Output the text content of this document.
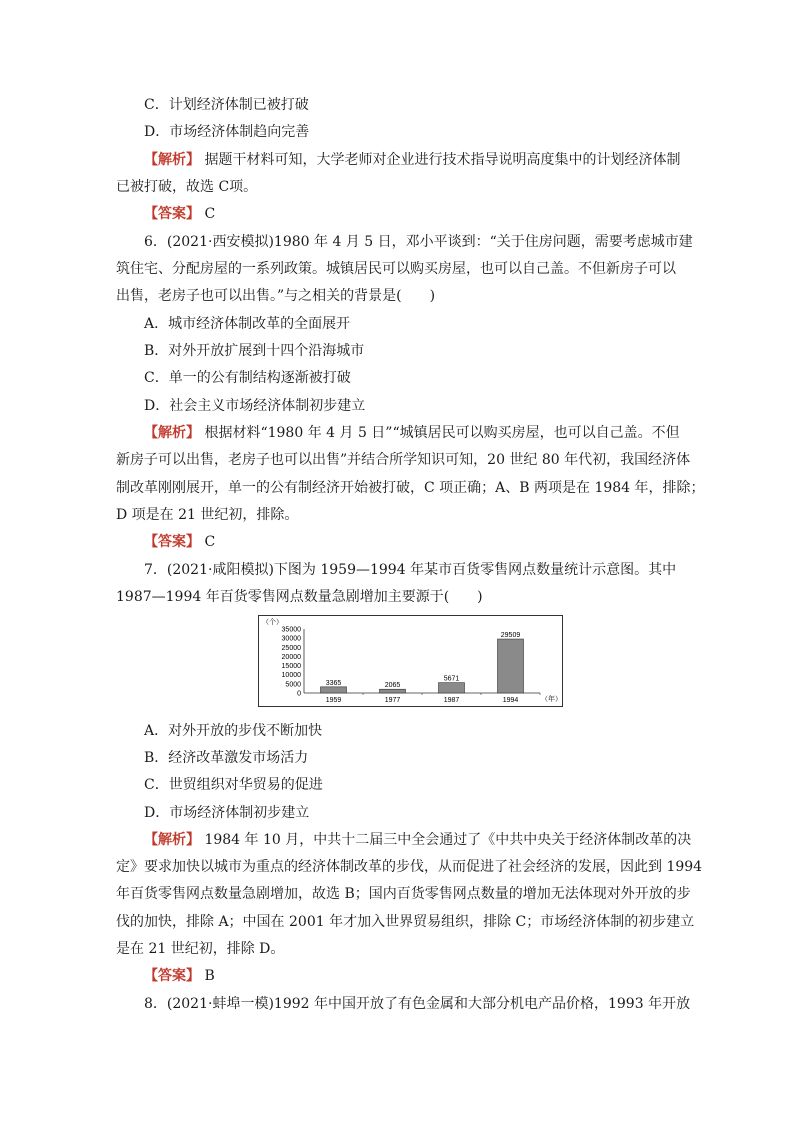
C．计划经济体制已被打破
D．市场经济体制趋向完善
【解析】 据题干材料可知，大学老师对企业进行技术指导说明高度集中的计划经济体制
已被打破，故选 C项。
【答案】 C
6．(2021·西安模拟)1980 年 4 月 5 日，邓小平谈到：“关于住房问题，需要考虑城市建
筑住宅、分配房屋的一系列政策。城镇居民可以购买房屋，也可以自己盖。不但新房子可以
出售，老房子也可以出售。”与之相关的背景是(　　)
A．城市经济体制改革的全面展开
B．对外开放扩展到十四个沿海城市
C．单一的公有制结构逐渐被打破
D．社会主义市场经济体制初步建立
【解析】 根据材料“1980 年 4 月 5 日”“城镇居民可以购买房屋，也可以自己盖。不但
新房子可以出售，老房子也可以出售”并结合所学知识可知，20 世纪 80 年代初，我国经济体
制改革刚刚展开，单一的公有制经济开始被打破，C 项正确；A、B 两项是在 1984 年，排除；
D 项是在 21 世纪初，排除。
【答案】 C
7．(2021·咸阳模拟)下图为 1959—1994 年某市百货零售网点数量统计示意图。其中
1987—1994 年百货零售网点数量急剧增加主要源于(　　)
（个）
35000
30000
25000
20000
15000
10000
5000
0
3365
1959
2065
1977
5671
1987
29509
1994	（年）
A．对外开放的步伐不断加快
B．经济改革激发市场活力
C．世贸组织对华贸易的促进
D．市场经济体制初步建立
【解析】 1984 年 10 月，中共十二届三中全会通过了《中共中央关于经济体制改革的决
定》要求加快以城市为重点的经济体制改革的步伐，从而促进了社会经济的发展，因此到 1994
年百货零售网点数量急剧增加，故选 B；国内百货零售网点数量的增加无法体现对外开放的步
伐的加快，排除 A；中国在 2001 年才加入世界贸易组织，排除 C；市场经济体制的初步建立
是在 21 世纪初，排除 D。
【答案】 B
8．(2021·蚌埠一模)1992 年中国开放了有色金属和大部分机电产品价格，1993 年开放
